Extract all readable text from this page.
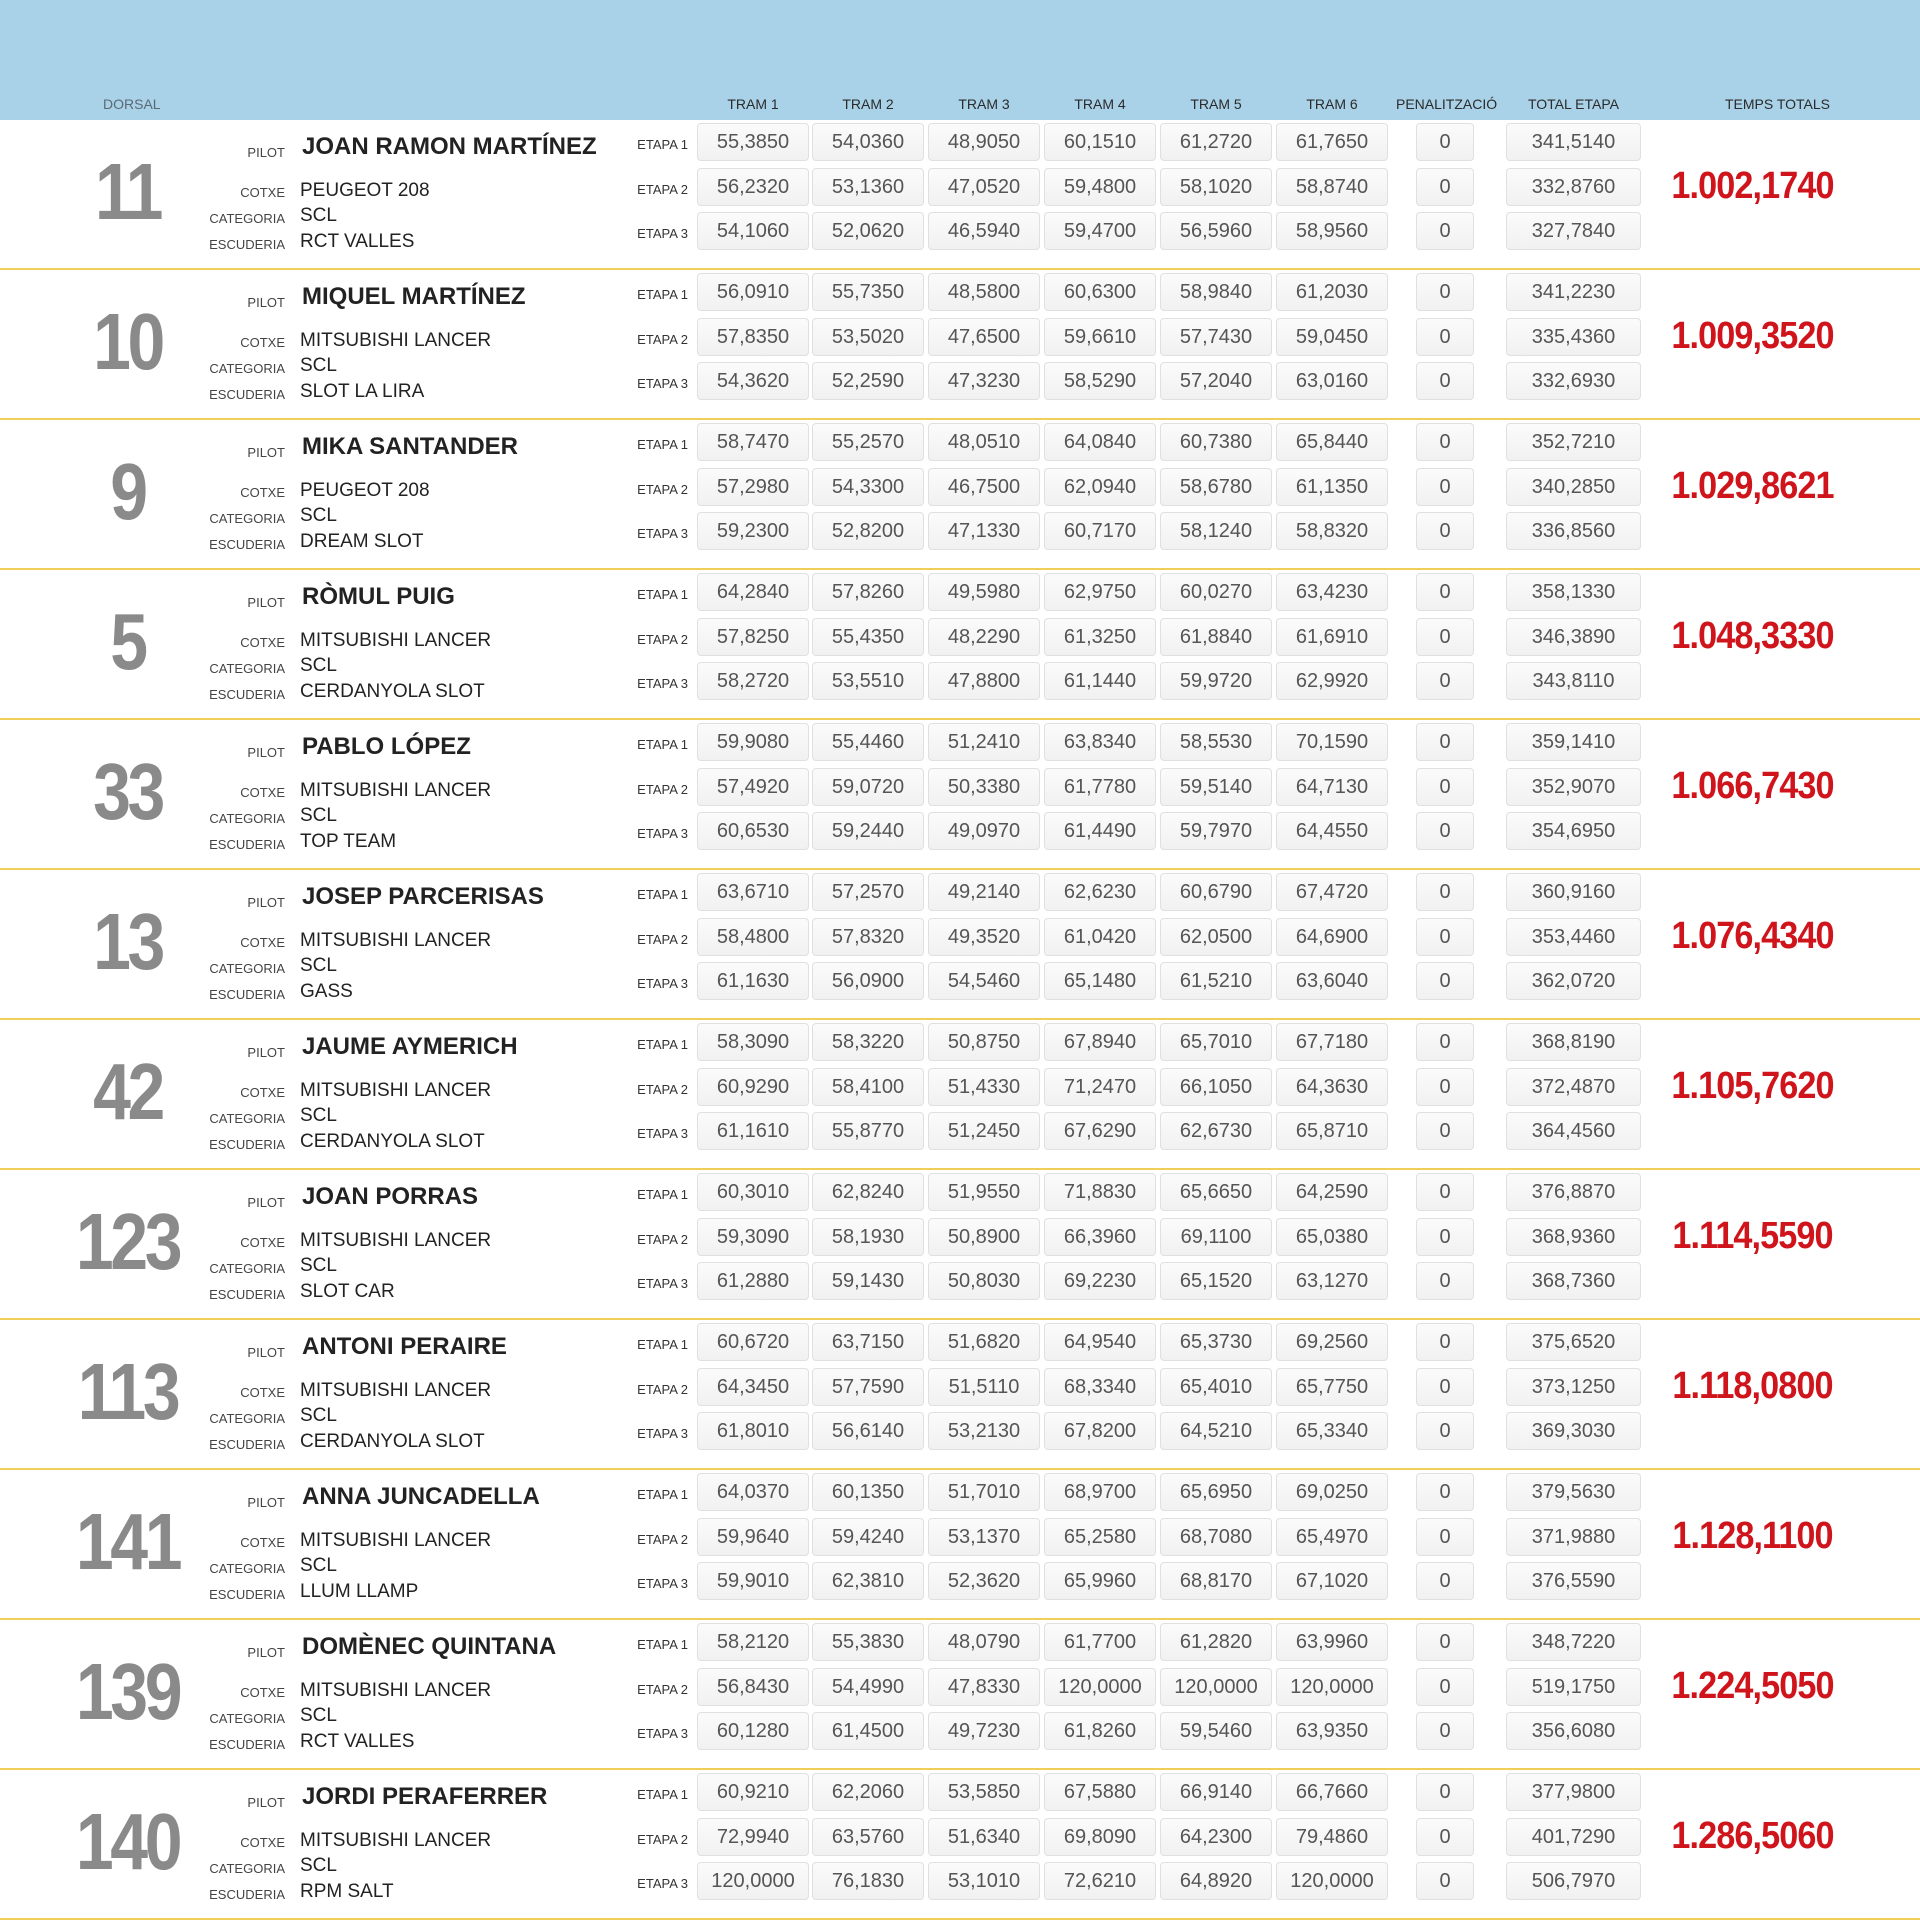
DORSAL	TRAM 1	TRAM 2	TRAM 3	TRAM 4	TRAM 5	TRAM 6	PENALITZACIÓ	TOTAL ETAPA	TEMPS TOTALS
11	PILOT JOAN RAMON MARTÍNEZ
COTXE PEUGEOT 208
CATEGORIA SCL
ESCUDERIA RCT VALLES
ETAPA 1	55,3850	54,0360	48,9050	60,1510	61,2720	61,7650	0	341,5140
ETAPA 2	56,2320	53,1360	47,0520	59,4800	58,1020	58,8740	0	332,8760
ETAPA 3	54,1060	52,0620	46,5940	59,4700	56,5960	58,9560	0	327,7840
1.002,1740
10	PILOT MIQUEL MARTÍNEZ
COTXE MITSUBISHI LANCER
CATEGORIA SCL
ESCUDERIA SLOT LA LIRA
ETAPA 1	56,0910	55,7350	48,5800	60,6300	58,9840	61,2030	0	341,2230
ETAPA 2	57,8350	53,5020	47,6500	59,6610	57,7430	59,0450	0	335,4360
ETAPA 3	54,3620	52,2590	47,3230	58,5290	57,2040	63,0160	0	332,6930
1.009,3520
9	PILOT MIKA SANTANDER
COTXE PEUGEOT 208
CATEGORIA SCL
ESCUDERIA DREAM SLOT
ETAPA 1	58,7470	55,2570	48,0510	64,0840	60,7380	65,8440	0	352,7210
ETAPA 2	57,2980	54,3300	46,7500	62,0940	58,6780	61,1350	0	340,2850
ETAPA 3	59,2300	52,8200	47,1330	60,7170	58,1240	58,8320	0	336,8560
1.029,8621
5	PILOT RÒMUL PUIG
COTXE MITSUBISHI LANCER
CATEGORIA SCL
ESCUDERIA CERDANYOLA SLOT
ETAPA 1	64,2840	57,8260	49,5980	62,9750	60,0270	63,4230	0	358,1330
ETAPA 2	57,8250	55,4350	48,2290	61,3250	61,8840	61,6910	0	346,3890
ETAPA 3	58,2720	53,5510	47,8800	61,1440	59,9720	62,9920	0	343,8110
1.048,3330
33	PILOT PABLO LÓPEZ
COTXE MITSUBISHI LANCER
CATEGORIA SCL
ESCUDERIA TOP TEAM
ETAPA 1	59,9080	55,4460	51,2410	63,8340	58,5530	70,1590	0	359,1410
ETAPA 2	57,4920	59,0720	50,3380	61,7780	59,5140	64,7130	0	352,9070
ETAPA 3	60,6530	59,2440	49,0970	61,4490	59,7970	64,4550	0	354,6950
1.066,7430
13	PILOT JOSEP PARCERISAS
COTXE MITSUBISHI LANCER
CATEGORIA SCL
ESCUDERIA GASS
ETAPA 1	63,6710	57,2570	49,2140	62,6230	60,6790	67,4720	0	360,9160
ETAPA 2	58,4800	57,8320	49,3520	61,0420	62,0500	64,6900	0	353,4460
ETAPA 3	61,1630	56,0900	54,5460	65,1480	61,5210	63,6040	0	362,0720
1.076,4340
42	PILOT JAUME AYMERICH
COTXE MITSUBISHI LANCER
CATEGORIA SCL
ESCUDERIA CERDANYOLA SLOT
ETAPA 1	58,3090	58,3220	50,8750	67,8940	65,7010	67,7180	0	368,8190
ETAPA 2	60,9290	58,4100	51,4330	71,2470	66,1050	64,3630	0	372,4870
ETAPA 3	61,1610	55,8770	51,2450	67,6290	62,6730	65,8710	0	364,4560
1.105,7620
123	PILOT JOAN PORRAS
COTXE MITSUBISHI LANCER
CATEGORIA SCL
ESCUDERIA SLOT CAR
ETAPA 1	60,3010	62,8240	51,9550	71,8830	65,6650	64,2590	0	376,8870
ETAPA 2	59,3090	58,1930	50,8900	66,3960	69,1100	65,0380	0	368,9360
ETAPA 3	61,2880	59,1430	50,8030	69,2230	65,1520	63,1270	0	368,7360
1.114,5590
113	PILOT ANTONI PERAIRE
COTXE MITSUBISHI LANCER
CATEGORIA SCL
ESCUDERIA CERDANYOLA SLOT
ETAPA 1	60,6720	63,7150	51,6820	64,9540	65,3730	69,2560	0	375,6520
ETAPA 2	64,3450	57,7590	51,5110	68,3340	65,4010	65,7750	0	373,1250
ETAPA 3	61,8010	56,6140	53,2130	67,8200	64,5210	65,3340	0	369,3030
1.118,0800
141	PILOT ANNA JUNCADELLA
COTXE MITSUBISHI LANCER
CATEGORIA SCL
ESCUDERIA LLUM LLAMP
ETAPA 1	64,0370	60,1350	51,7010	68,9700	65,6950	69,0250	0	379,5630
ETAPA 2	59,9640	59,4240	53,1370	65,2580	68,7080	65,4970	0	371,9880
ETAPA 3	59,9010	62,3810	52,3620	65,9960	68,8170	67,1020	0	376,5590
1.128,1100
139	PILOT DOMÈNEC QUINTANA
COTXE MITSUBISHI LANCER
CATEGORIA SCL
ESCUDERIA RCT VALLES
ETAPA 1	58,2120	55,3830	48,0790	61,7700	61,2820	63,9960	0	348,7220
ETAPA 2	56,8430	54,4990	47,8330	120,0000	120,0000	120,0000	0	519,1750
ETAPA 3	60,1280	61,4500	49,7230	61,8260	59,5460	63,9350	0	356,6080
1.224,5050
140	PILOT JORDI PERAFERRER
COTXE MITSUBISHI LANCER
CATEGORIA SCL
ESCUDERIA RPM SALT
ETAPA 1	60,9210	62,2060	53,5850	67,5880	66,9140	66,7660	0	377,9800
ETAPA 2	72,9940	63,5760	51,6340	69,8090	64,2300	79,4860	0	401,7290
ETAPA 3	120,0000	76,1830	53,1010	72,6210	64,8920	120,0000	0	506,7970
1.286,5060
